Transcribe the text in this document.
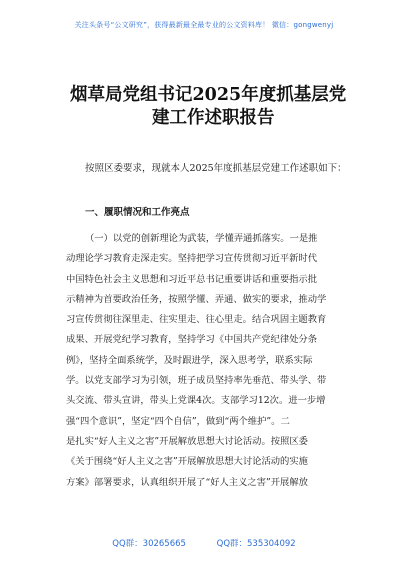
关注头条号“公文研究”，获得最新最全最专业的公文资料库！ 微信：gongwenyj
烟草局党组书记2025年度抓基层党
建工作述职报告
按照区委要求，现就本人2025年度抓基层党建工作述职如下：
一、履职情况和工作亮点
（一）以党的创新理论为武装，学懂弄通抓落实。一是推
动理论学习教育走深走实。坚持把学习宣传贯彻习近平新时代
中国特色社会主义思想和习近平总书记重要讲话和重要指示批
示精神为首要政治任务，按照学懂、弄通、做实的要求，推动学
习宣传贯彻往深里走、往实里走、往心里走。结合巩固主题教育
成果、开展党纪学习教育，坚持学习《中国共产党纪律处分条
例》，坚持全面系统学，及时跟进学，深入思考学，联系实际
学。以党支部学习为引领，班子成员坚持率先垂范、带头学、带
头交流、带头宣讲，带头上党课4次。支部学习12次。进一步增
强“四个意识”，坚定“四个自信”，做到“两个维护”。二
是扎实“好人主义之害”开展解放思想大讨论活动。按照区委
《关于围绕“好人主义之害”开展解放思想大讨论活动的实施
方案》部署要求，认真组织开展了“好人主义之害”开展解放
QQ群：30265665	QQ群：535304092
